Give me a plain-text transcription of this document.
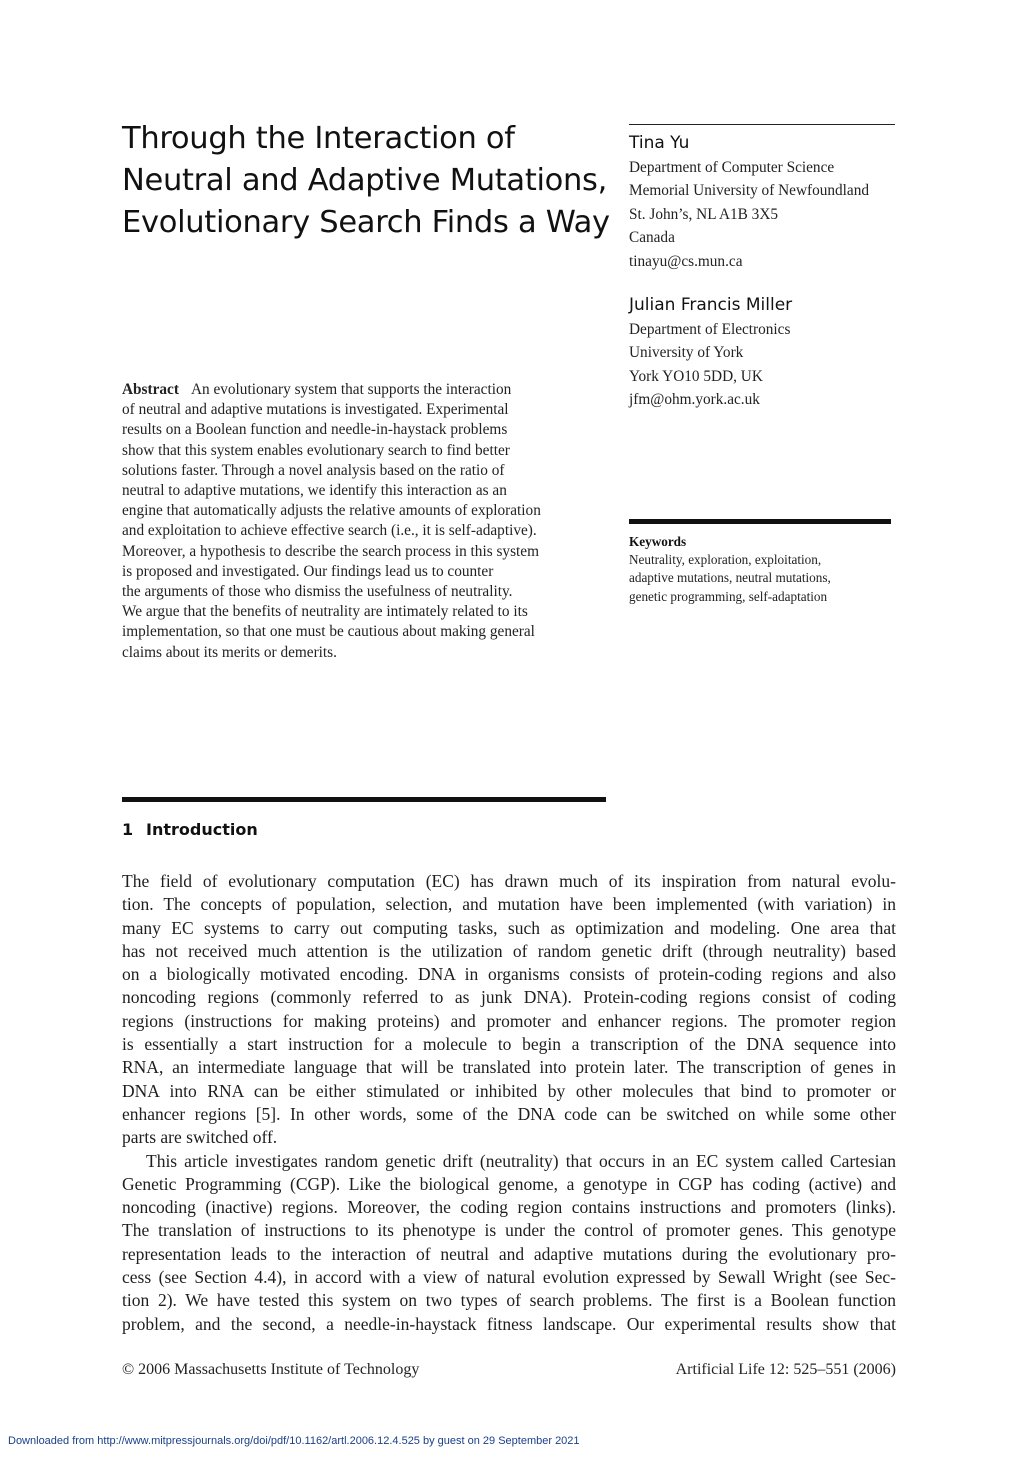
Through the Interaction of
Neutral and Adaptive Mutations,
Evolutionary Search Finds a Way
Tina Yu
Department of Computer Science
Memorial University of Newfoundland
St. John’s, NL A1B 3X5
Canada
tinayu@cs.mun.ca
Julian Francis Miller
Department of Electronics
University of York
York YO10 5DD, UK
jfm@ohm.york.ac.uk
Abstract An evolutionary system that supports the interaction
of neutral and adaptive mutations is investigated. Experimental
results on a Boolean function and needle-in-haystack problems
show that this system enables evolutionary search to find better
solutions faster. Through a novel analysis based on the ratio of
neutral to adaptive mutations, we identify this interaction as an
engine that automatically adjusts the relative amounts of exploration
and exploitation to achieve effective search (i.e., it is self-adaptive).
Moreover, a hypothesis to describe the search process in this system
is proposed and investigated. Our findings lead us to counter
the arguments of those who dismiss the usefulness of neutrality.
We argue that the benefits of neutrality are intimately related to its
implementation, so that one must be cautious about making general
claims about its merits or demerits.
Keywords
Neutrality, exploration, exploitation,
adaptive mutations, neutral mutations,
genetic programming, self-adaptation
1 Introduction
The field of evolutionary computation (EC) has drawn much of its inspiration from natural evolu-
tion. The concepts of population, selection, and mutation have been implemented (with variation) in
many EC systems to carry out computing tasks, such as optimization and modeling. One area that
has not received much attention is the utilization of random genetic drift (through neutrality) based
on a biologically motivated encoding. DNA in organisms consists of protein-coding regions and also
noncoding regions (commonly referred to as junk DNA). Protein-coding regions consist of coding
regions (instructions for making proteins) and promoter and enhancer regions. The promoter region
is essentially a start instruction for a molecule to begin a transcription of the DNA sequence into
RNA, an intermediate language that will be translated into protein later. The transcription of genes in
DNA into RNA can be either stimulated or inhibited by other molecules that bind to promoter or
enhancer regions [5]. In other words, some of the DNA code can be switched on while some other
parts are switched off.
This article investigates random genetic drift (neutrality) that occurs in an EC system called Cartesian
Genetic Programming (CGP). Like the biological genome, a genotype in CGP has coding (active) and
noncoding (inactive) regions. Moreover, the coding region contains instructions and promoters (links).
The translation of instructions to its phenotype is under the control of promoter genes. This genotype
representation leads to the interaction of neutral and adaptive mutations during the evolutionary pro-
cess (see Section 4.4), in accord with a view of natural evolution expressed by Sewall Wright (see Sec-
tion 2). We have tested this system on two types of search problems. The first is a Boolean function
problem, and the second, a needle-in-haystack fitness landscape. Our experimental results show that
© 2006 Massachusetts Institute of Technology	Artificial Life 12: 525–551 (2006)
Downloaded from http://www.mitpressjournals.org/doi/pdf/10.1162/artl.2006.12.4.525 by guest on 29 September 2021
